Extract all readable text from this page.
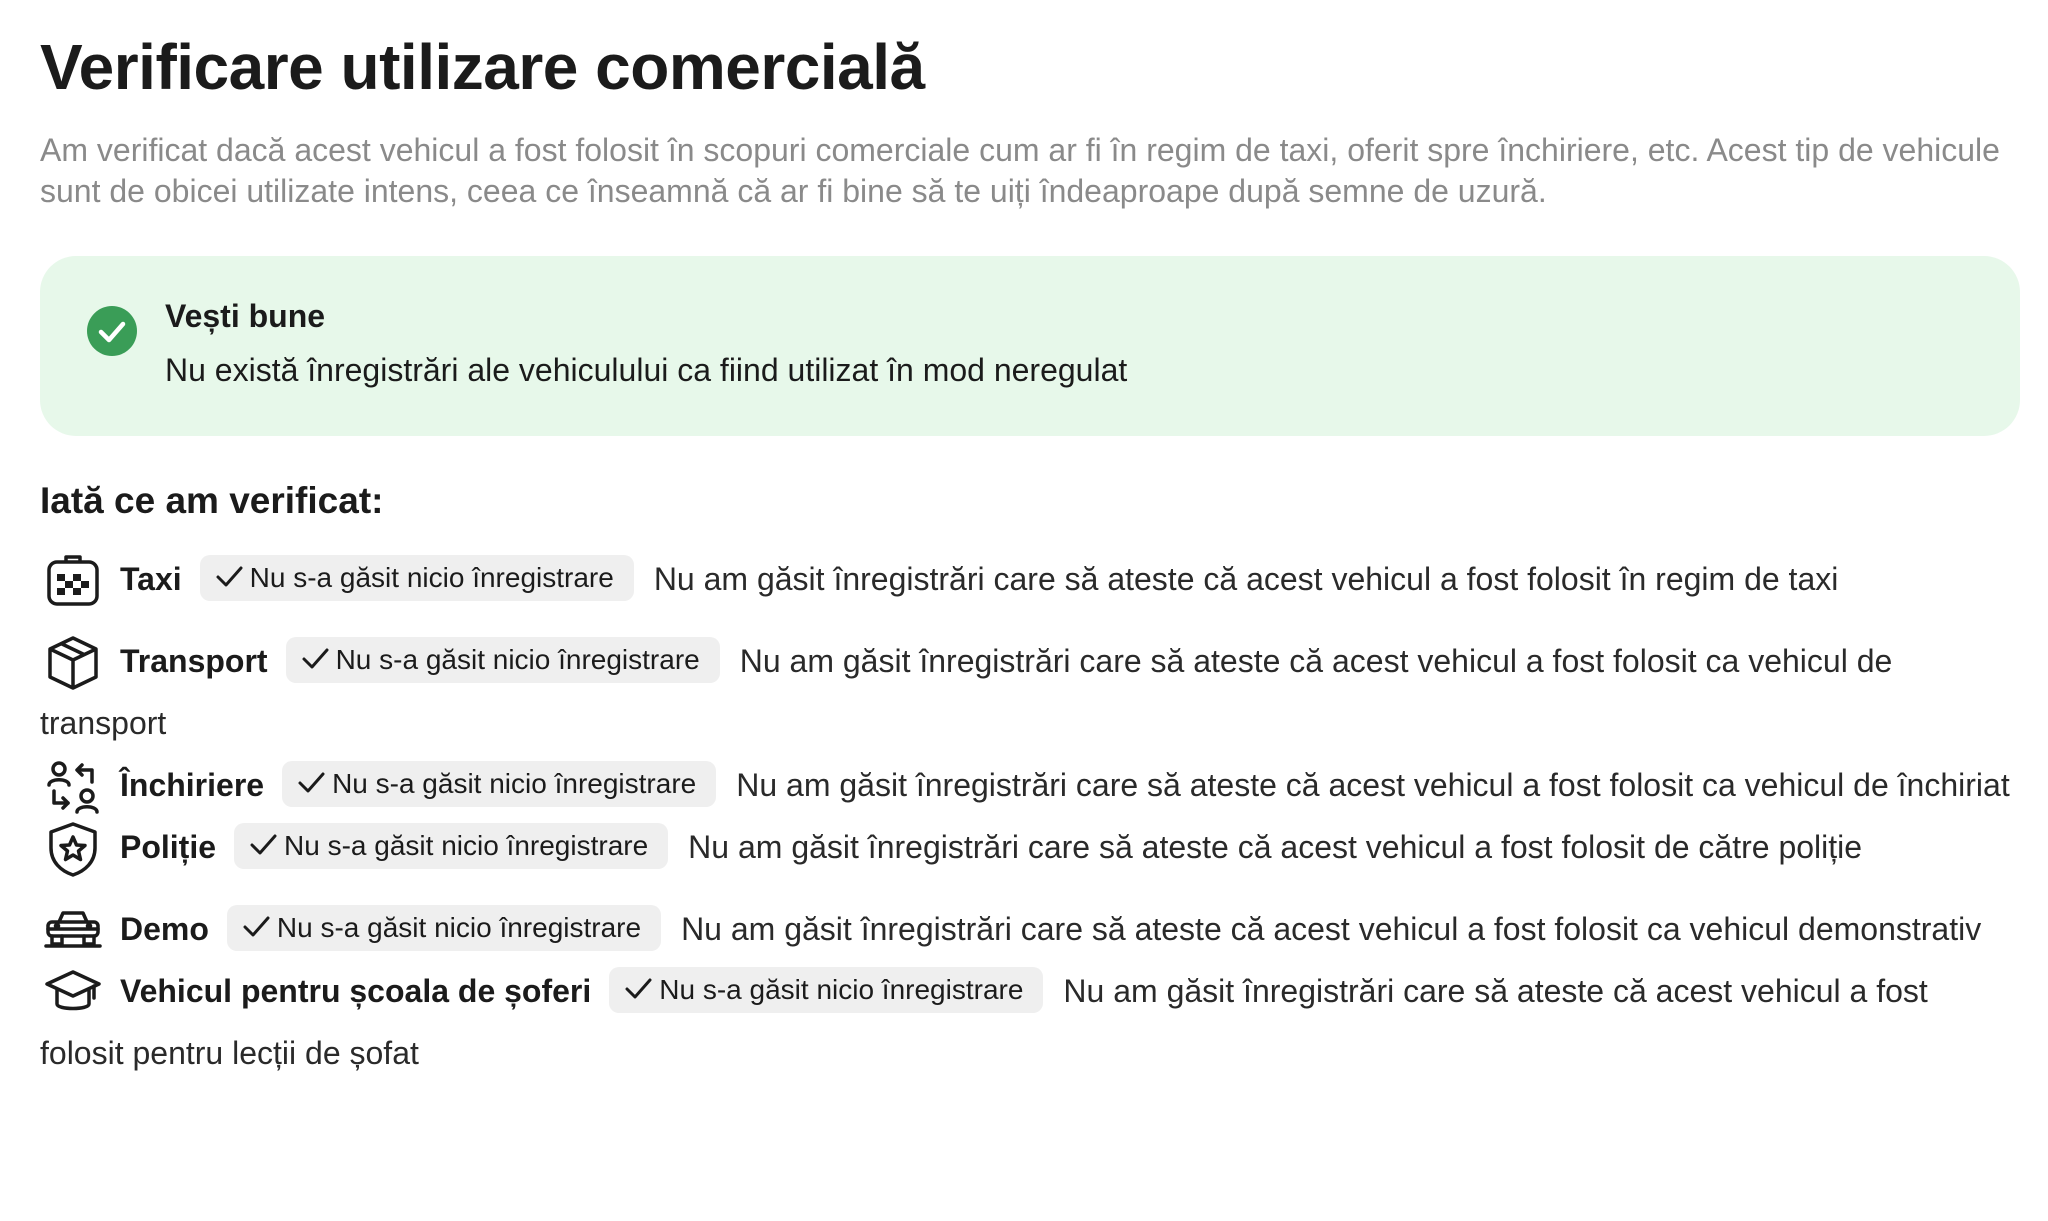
Verificare utilizare comercială

Am verificat dacă acest vehicul a fost folosit în scopuri comerciale cum ar fi în regim de taxi, oferit spre închiriere, etc. Acest tip de vehicule sunt de obicei utilizate intens, ceea ce înseamnă că ar fi bine să te uiți îndeaproape după semne de uzură.

Vești bune
Nu există înregistrări ale vehiculului ca fiind utilizat în mod neregulat
Iată ce am verificat:
Taxi Nu s-a găsit nicio înregistrare Nu am găsit înregistrări care să ateste că acest vehicul a fost folosit în regim de taxi
Transport Nu s-a găsit nicio înregistrare Nu am găsit înregistrări care să ateste că acest vehicul a fost folosit ca vehicul de transport
Închiriere Nu s-a găsit nicio înregistrare Nu am găsit înregistrări care să ateste că acest vehicul a fost folosit ca vehicul de închiriat
Poliție Nu s-a găsit nicio înregistrare Nu am găsit înregistrări care să ateste că acest vehicul a fost folosit de către poliție
Demo Nu s-a găsit nicio înregistrare Nu am găsit înregistrări care să ateste că acest vehicul a fost folosit ca vehicul demonstrativ
Vehicul pentru școala de șoferi Nu s-a găsit nicio înregistrare Nu am găsit înregistrări care să ateste că acest vehicul a fost folosit pentru lecții de șofat
